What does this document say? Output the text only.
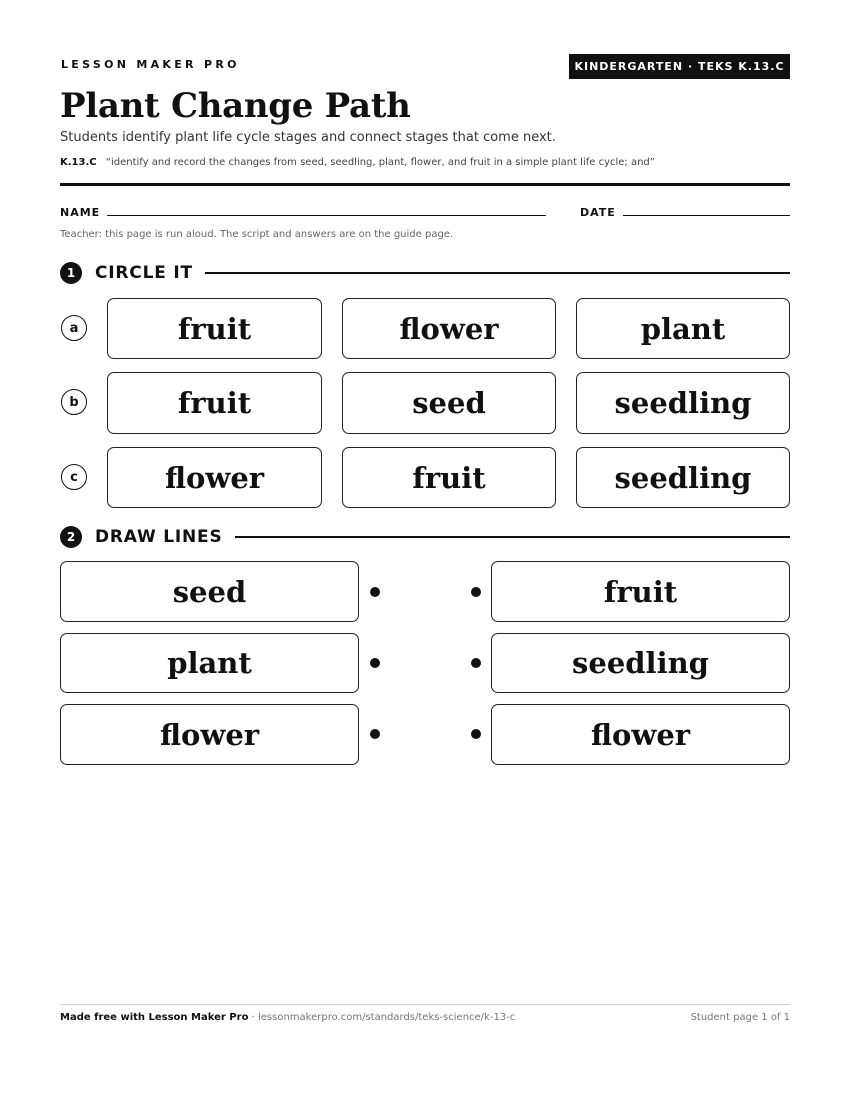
LESSON MAKER PRO	KINDERGARTEN · TEKS K.13.C
Plant Change Path
Students identify plant life cycle stages and connect stages that come next.
K.13.C “identify and record the changes from seed, seedling, plant, flower, and fruit in a simple plant life cycle; and”
NAME	DATE
Teacher: this page is run aloud. The script and answers are on the guide page.
1	CIRCLE IT
a	fruit	flower	plant
b	fruit	seed	seedling
c	flower	fruit	seedling
2	DRAW LINES
seed	fruit
plant	seedling
flower	flower
Made free with Lesson Maker Pro · lessonmakerpro.com/standards/teks-science/k-13-c	Student page 1 of 1
